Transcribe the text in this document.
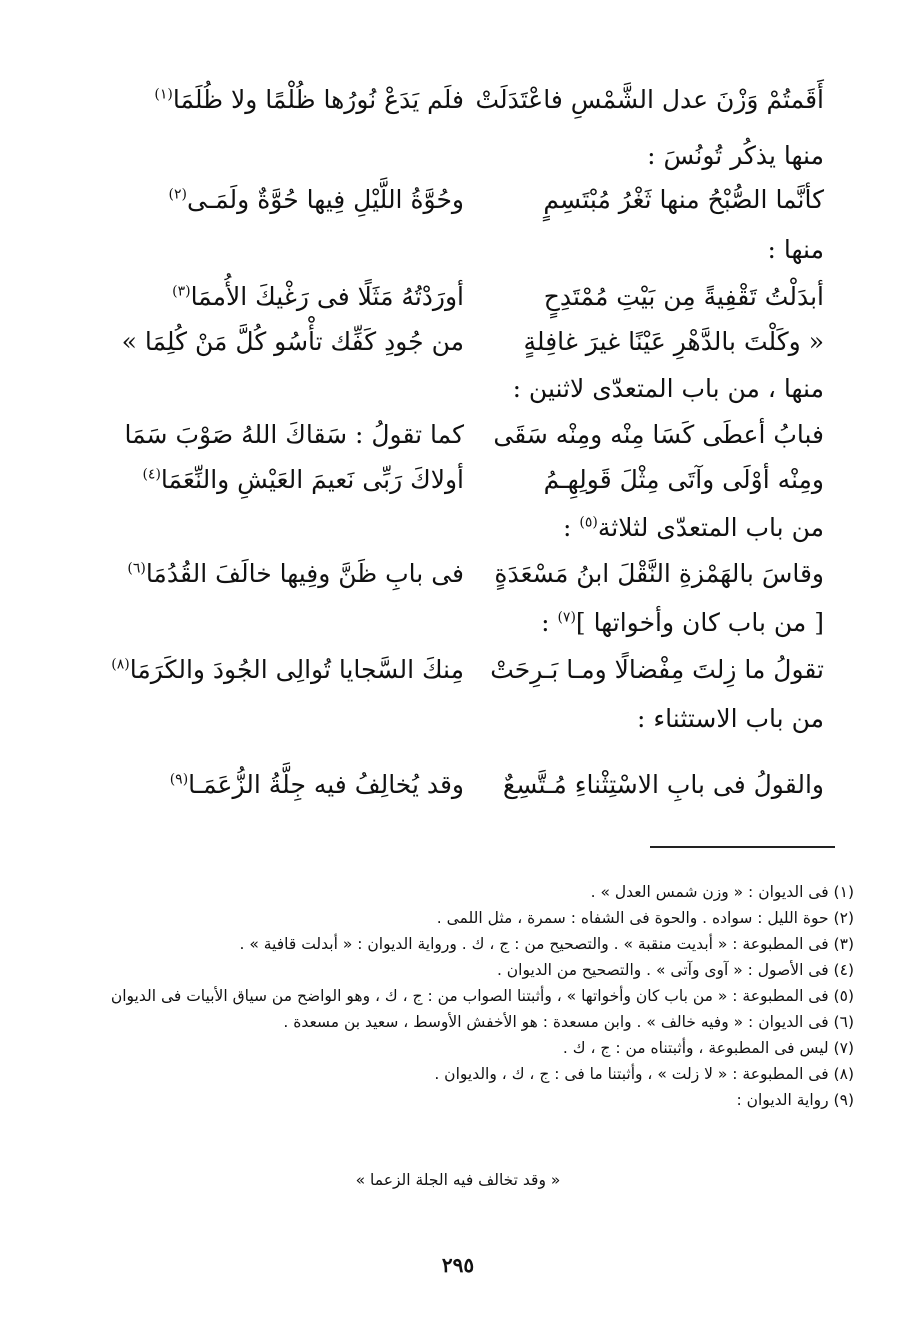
أَقَمتُمْ وَزْنَ عدل الشَّمْسِ فاعْتَدَلَتْ
فلَم يَدَعْ نُورُها ظُلْمًا ولا ظُلَمَا$^{(١)}$
منها يذكُر تُونُسَ :
كأنَّما الصُّبْحُ منها ثَغْرُ مُبْتَسِمٍ
وحُوَّةُ اللَّيْلِ فِيها حُوَّةٌ ولَمَـى$^{(٢)}$
منها :
أبدَلْتُ تَقْفِيةً مِن بَيْتِ مُمْتَدِحٍ
أورَدْتُهُ مَثَلًا فى رَغْيكَ الأُممَا$^{(٣)}$
« وكَلْتَ بالدَّهْرِ عَيْنًا غيرَ غافِلةٍ
من جُودِ كَفِّك تأْسُو كُلَّ مَنْ كُلِمَا »
منها ، من باب المتعدّى لاثنين :
فبابُ أعطَى كَسَا مِنْه ومِنْه سَقَى
كما تقولُ : سَقاكَ اللهُ صَوْبَ سَمَا
ومِنْه أوْلَى وآتَى مِثْلَ قَولِهِـمُ
أولاكَ رَبِّى نَعيمَ العَيْشِ والنِّعَمَا$^{(٤)}$
من باب المتعدّى لثلاثة$^{(٥)}$ :
وقاسَ بالهَمْزةِ النَّقْلَ ابنُ مَسْعَدَةٍ
فى بابِ ظَنَّ وفِيها خالَفَ القُدُمَا$^{(٦)}$
[ من باب كان وأخواتها ]$^{(٧)}$ :
تقولُ ما زِلتَ مِفْضالًا ومـا بَـرِحَتْ
مِنكَ السَّجايا تُوالِى الجُودَ والكَرَمَا$^{(٨)}$
من باب الاستثناء :
والقولُ فى بابِ الاسْتِثْناءِ مُـتَّسِعٌ
وقد يُخالِفُ فيه جِلَّةُ الزُّعَمَـا$^{(٩)}$
(١) فى الديوان : « وزن شمس العدل » .
(٢) حوة الليل : سواده . والحوة فى الشفاه : سمرة ، مثل اللمى .
(٣) فى المطبوعة : « أبديت منقبة » . والتصحيح من : ج ، ك . ورواية الديوان : « أبدلت قافية » .
(٤) فى الأصول : « آوى وآتى » . والتصحيح من الديوان .
(٥) فى المطبوعة : « من باب كان وأخواتها » ، وأثبتنا الصواب من : ج ، ك ، وهو الواضح من سياق الأبيات فى الديوان
(٦) فى الديوان : « وفيه خالف » . وابن مسعدة : هو الأخفش الأوسط ، سعيد بن مسعدة .
(٧) ليس فى المطبوعة ، وأثبتناه من : ج ، ك .
(٨) فى المطبوعة : « لا زلت » ، وأثبتنا ما فى : ج ، ك ، والديوان .
(٩) رواية الديوان :
« وقد تخالف فيه الجلة الزعما »
٢٩٥
